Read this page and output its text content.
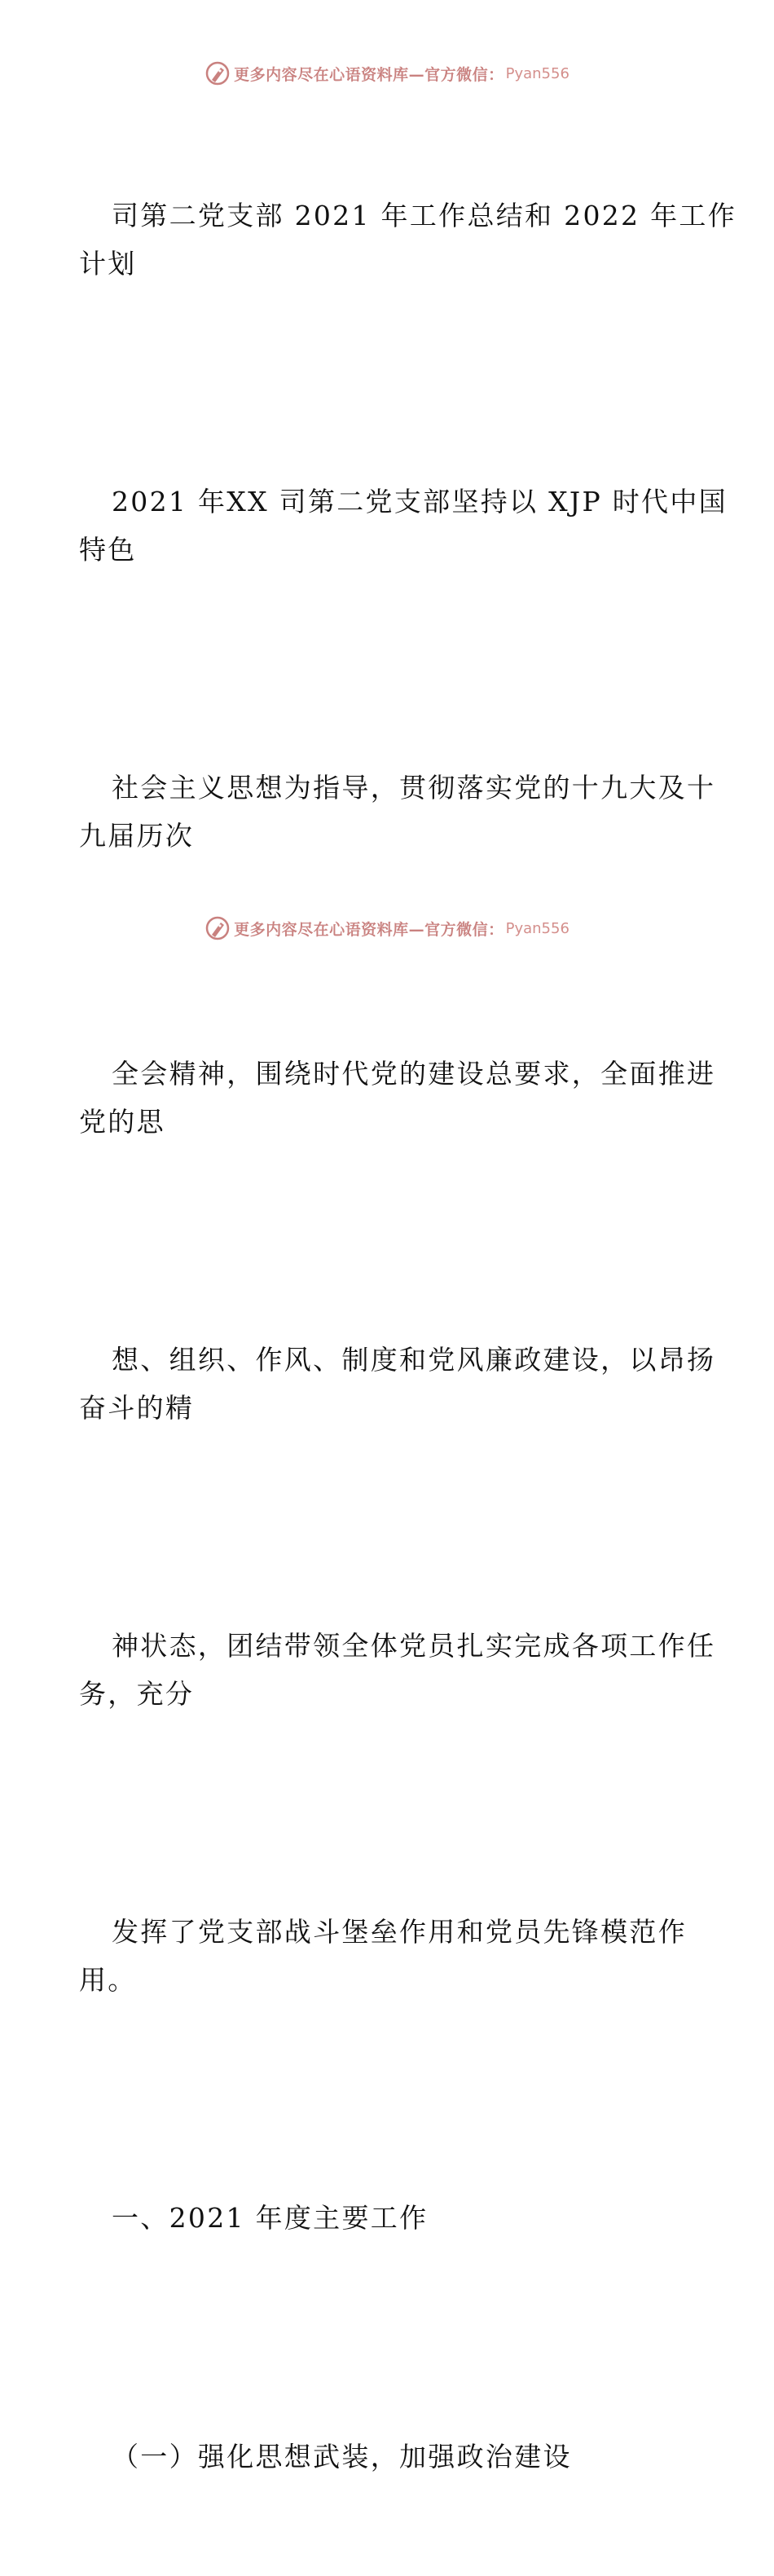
更多内容尽在心语资料库—官方微信： Pyan556

司第二党支部 2021 年工作总结和 2022 年工作
计划

2021 年XX 司第二党支部坚持以 XJP 时代中国
特色

社会主义思想为指导，贯彻落实党的十九大及十
九届历次

全会精神，围绕时代党的建设总要求，全面推进
党的思

想、组织、作风、制度和党风廉政建设，以昂扬
奋斗的精

神状态，团结带领全体党员扎实完成各项工作任
务，充分

发挥了党支部战斗堡垒作用和党员先锋模范作
用。

一、2021 年度主要工作

（一）强化思想武装，加强政治建设

更多内容尽在心语资料库—官方微信： Pyan556
